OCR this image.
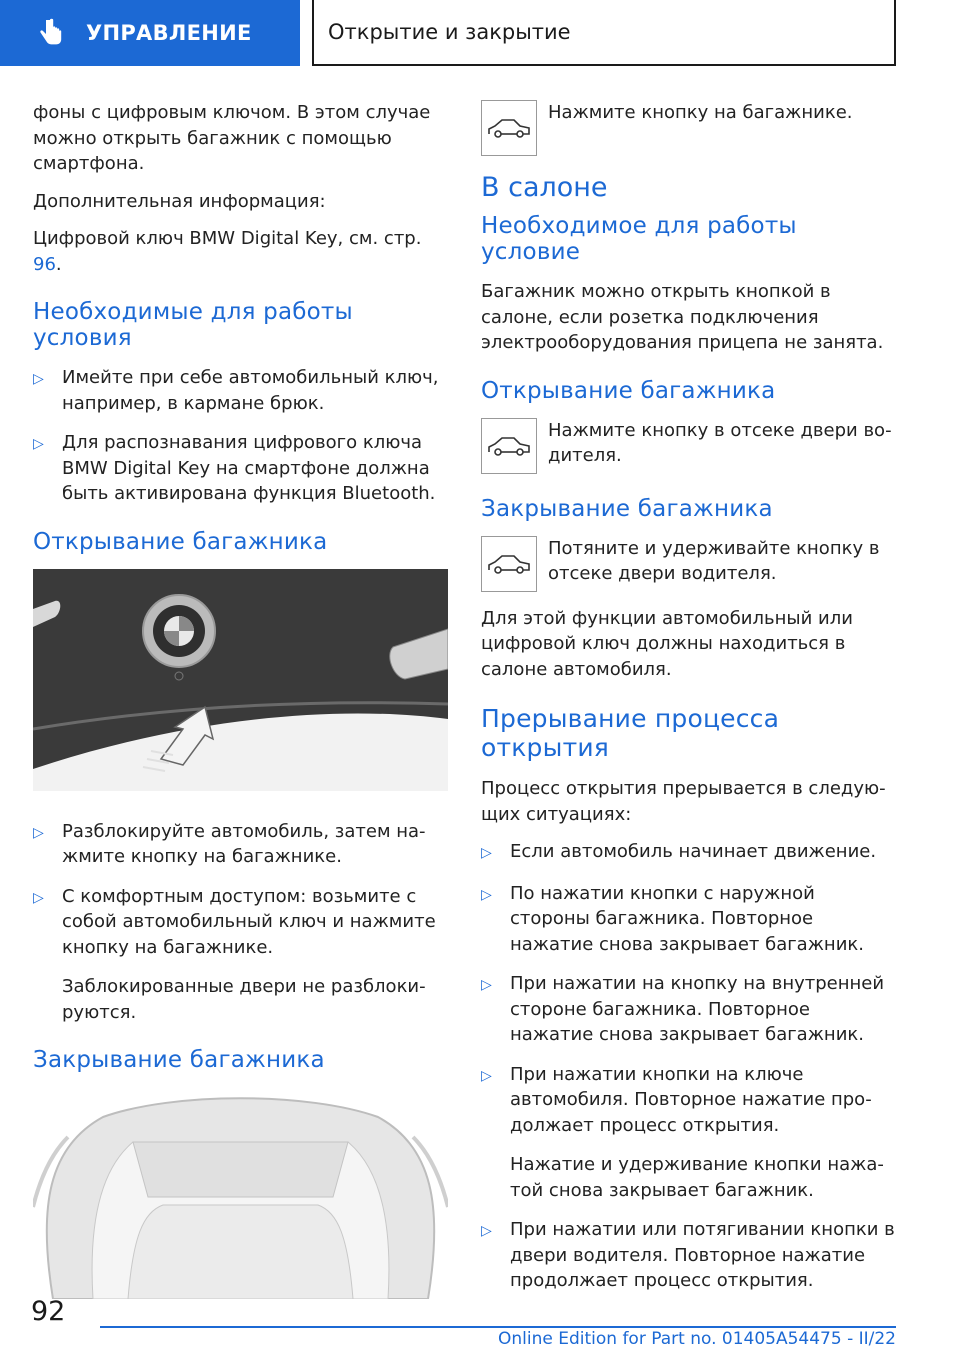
УПРАВЛЕНИЕ	Открытие и закрытие

фоны с цифровым ключом. В этом случае можно открыть багажник с помощью смартфона.

Дополнительная информация:

Цифровой ключ BMW Digital Key, см. стр. 96.

Необходимые для работы условия
▷	Имейте при себе автомобильный ключ, например, в кармане брюк.
▷	Для распознавания цифрового ключа BMW Digital Key на смартфоне должна быть активирована функция Bluetooth.
Открывание багажника
▷	Разблокируйте автомобиль, затем нажмите кнопку на багажнике.
▷	С комфортным доступом: возьмите с собой автомобильный ключ и нажмите кнопку на багажнике.
Заблокированные двери не разблокируются.
Закрывание багажника
Нажмите кнопку на багажнике.
В салоне
Необходимое для работы условие

Багажник можно открыть кнопкой в салоне, если розетка подключения электрооборудования прицепа не занята.

Открывание багажника
Нажмите кнопку в отсеке двери водителя.
Закрывание багажника
Потяните и удерживайте кнопку в отсеке двери водителя.

Для этой функции автомобильный или цифровой ключ должны находиться в салоне автомобиля.

Прерывание процесса открытия

Процесс открытия прерывается в следующих ситуациях:

▷	Если автомобиль начинает движение.
▷	По нажатии кнопки с наружной стороны багажника. Повторное нажатие снова закрывает багажник.
▷	При нажатии на кнопку на внутренней стороне багажника. Повторное нажатие снова закрывает багажник.
▷	При нажатии кнопки на ключе автомобиля. Повторное нажатие продолжает процесс открытия.
Нажатие и удерживание кнопки нажатой снова закрывает багажник.
▷	При нажатии или потягивании кнопки в двери водителя. Повторное нажатие продолжает процесс открытия.
92
Online Edition for Part no. 01405A54475 - II/22
